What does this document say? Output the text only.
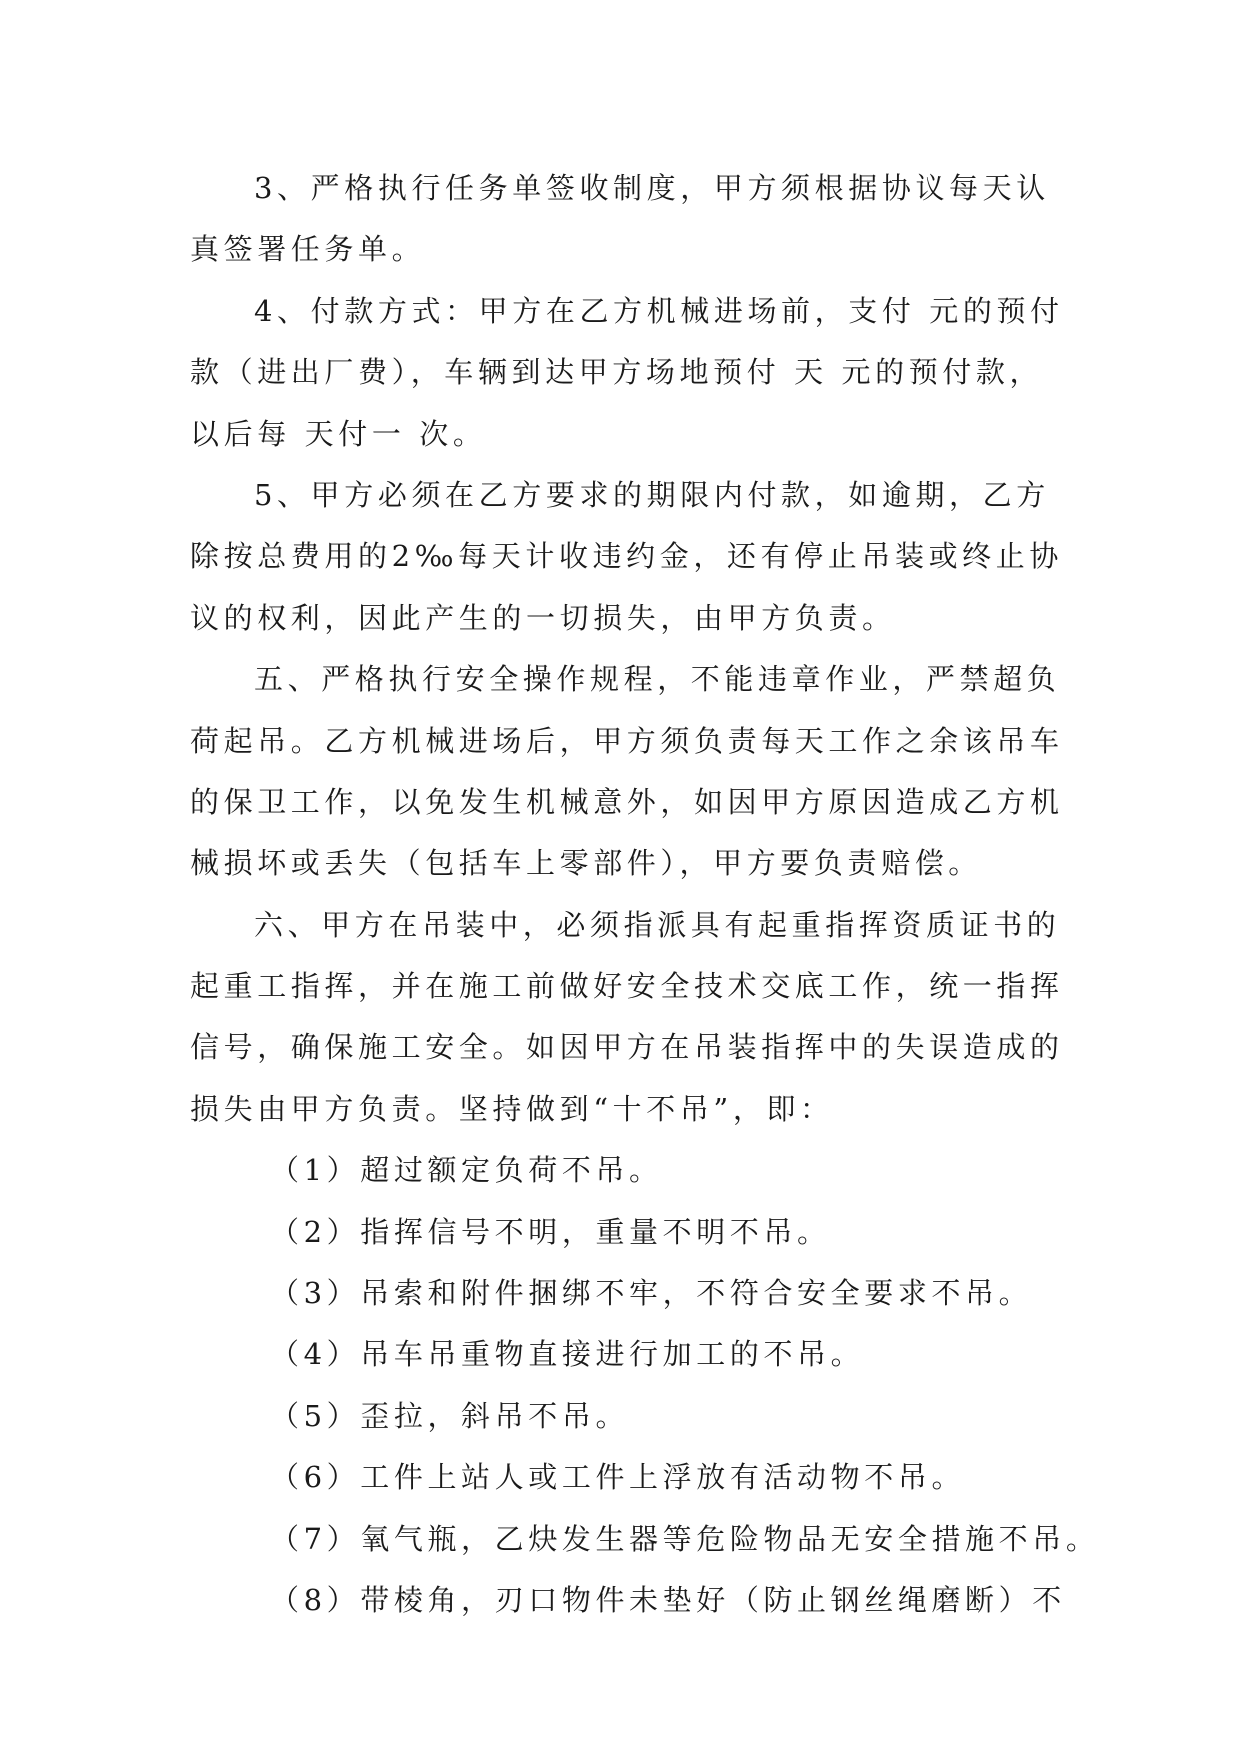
3、严格执行任务单签收制度，甲方须根据协议每天认
真签署任务单。
4、付款方式：甲方在乙方机械进场前，支付 元的预付
款（进出厂费），车辆到达甲方场地预付 天 元的预付款，
以后每 天付一 次。
5、甲方必须在乙方要求的期限内付款，如逾期，乙方
除按总费用的2‰每天计收违约金，还有停止吊装或终止协
议的权利，因此产生的一切损失，由甲方负责。
五、严格执行安全操作规程，不能违章作业，严禁超负
荷起吊。乙方机械进场后，甲方须负责每天工作之余该吊车
的保卫工作，以免发生机械意外，如因甲方原因造成乙方机
械损坏或丢失（包括车上零部件），甲方要负责赔偿。
六、甲方在吊装中，必须指派具有起重指挥资质证书的
起重工指挥，并在施工前做好安全技术交底工作，统一指挥
信号，确保施工安全。如因甲方在吊装指挥中的失误造成的
损失由甲方负责。坚持做到“十不吊”，即：
（1）超过额定负荷不吊。
（2）指挥信号不明，重量不明不吊。
（3）吊索和附件捆绑不牢，不符合安全要求不吊。
（4）吊车吊重物直接进行加工的不吊。
（5）歪拉，斜吊不吊。
（6）工件上站人或工件上浮放有活动物不吊。
（7）氧气瓶，乙炔发生器等危险物品无安全措施不吊。
（8）带棱角，刃口物件未垫好（防止钢丝绳磨断）不
